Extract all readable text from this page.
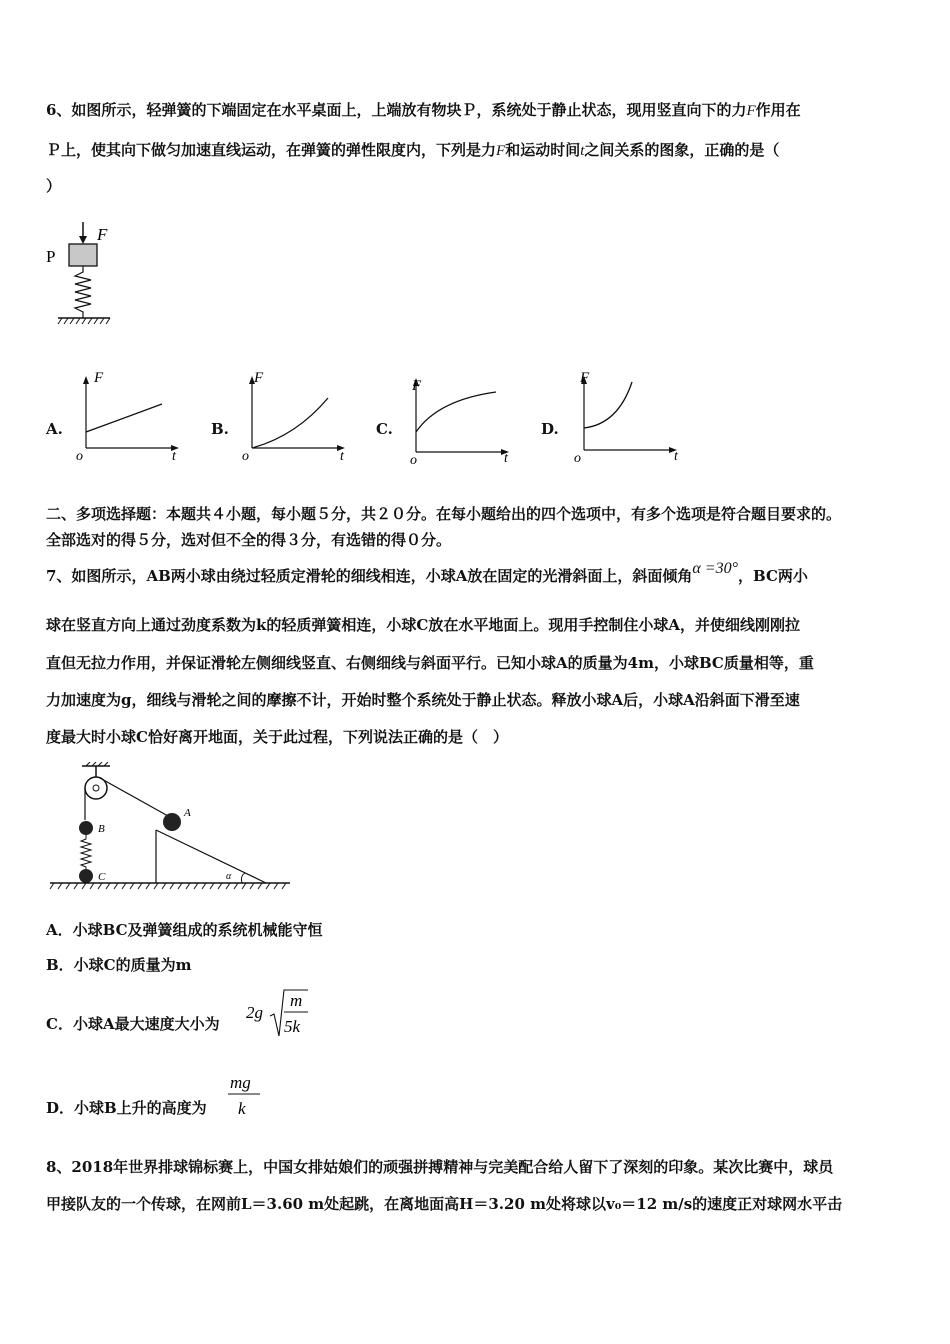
6、如图所示，轻弹簧的下端固定在水平桌面上，上端放有物块Ｐ，系统处于静止状态，现用竖直向下的力F作用在
Ｐ上，使其向下做匀加速直线运动，在弹簧的弹性限度内，下列是力F和运动时间t之间关系的图象，正确的是（
）
F
P
A.
F
t
o
B.
F
t
o
C.
F
t
o
D.
F
t
o
二、多项选择题：本题共４小题，每小题５分，共２０分。在每小题给出的四个选项中，有多个选项是符合题目要求的。
全部选对的得５分，选对但不全的得３分，有选错的得０分。
7、如图所示，AB两小球由绕过轻质定滑轮的细线相连，小球A放在固定的光滑斜面上，斜面倾角α =30°，BC两小
球在竖直方向上通过劲度系数为k的轻质弹簧相连，小球C放在水平地面上。现用手控制住小球A，并使细线刚刚拉
直但无拉力作用，并保证滑轮左侧细线竖直、右侧细线与斜面平行。已知小球A的质量为4m，小球BC质量相等，重
力加速度为g，细线与滑轮之间的摩擦不计，开始时整个系统处于静止状态。释放小球A后，小球A沿斜面下滑至速
度最大时小球C恰好离开地面，关于此过程，下列说法正确的是（　）
B
C
A
α
A．小球BC及弹簧组成的系统机械能守恒
B．小球C的质量为m
C．小球A最大速度大小为
2g
m
5k
D．小球B上升的高度为
mg
k
8、2018年世界排球锦标赛上，中国女排姑娘们的顽强拼搏精神与完美配合给人留下了深刻的印象。某次比赛中，球员
甲接队友的一个传球，在网前L＝3.60 m处起跳，在离地面高H＝3.20 m处将球以v₀＝12 m/s的速度正对球网水平击
